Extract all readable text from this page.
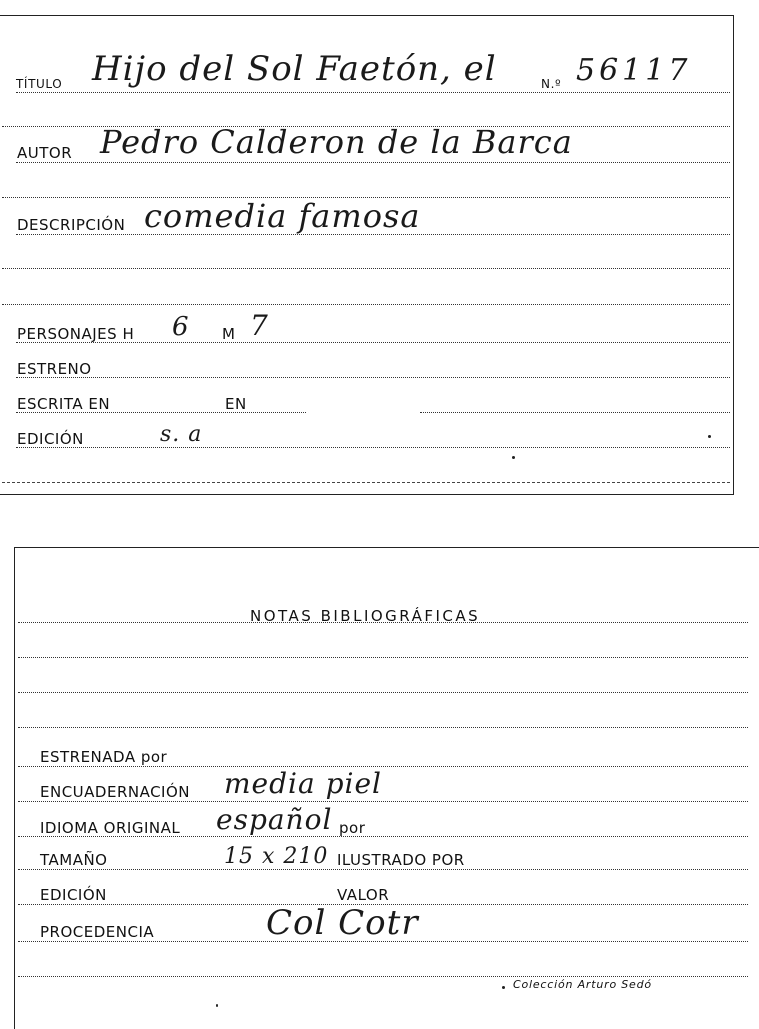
TÍTULO Hijo del Sol Faetón, el	N.º 56117
AUTOR Pedro Calderon de la Barca
DESCRIPCIÓN comedia famosa
PERSONAJES H 6 M 7
ESTRENO
ESCRITA EN	EN
EDICIÓN	s. a
NOTAS BIBLIOGRÁFICAS
ESTRENADA por
ENCUADERNACIÓN media piel
IDIOMA ORIGINAL español por
TAMAÑO	15 x 210 ILUSTRADO POR
EDICIÓN	VALOR
PROCEDENCIA	Col Cotr
Colección Arturo Sedó
